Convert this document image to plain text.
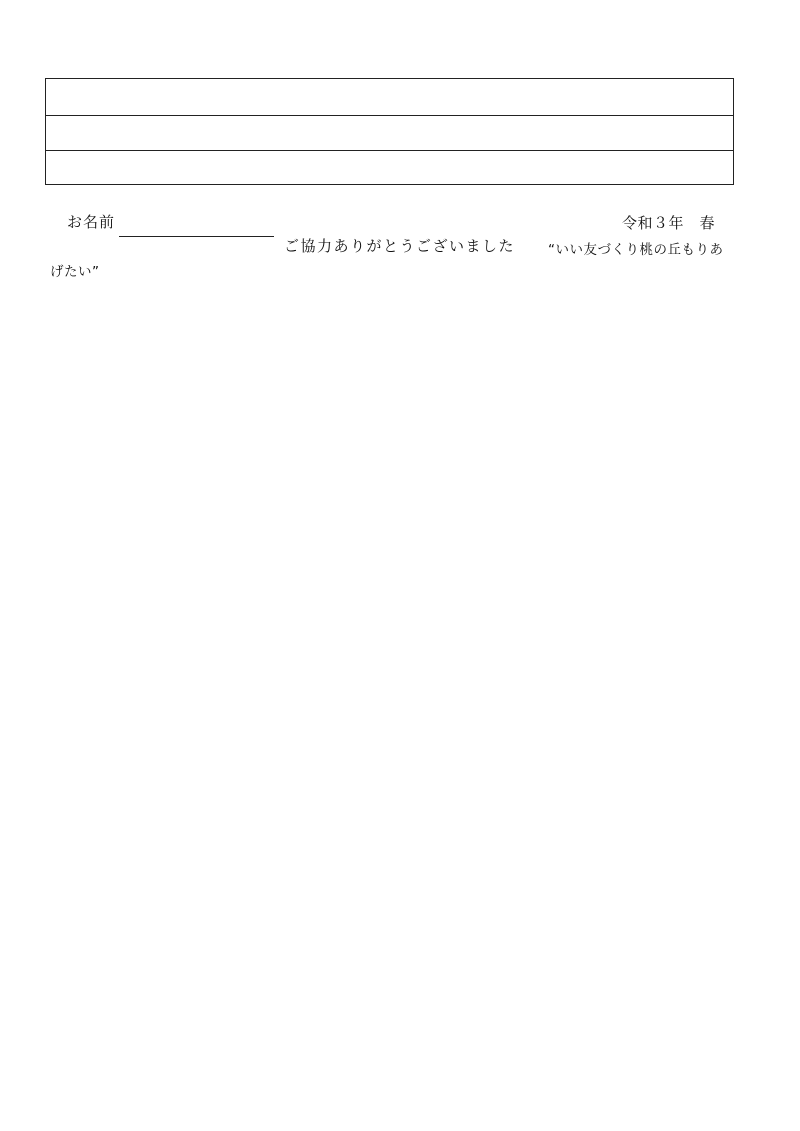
お名前
ご協力ありがとうございました
令和３年　春
“いい友づくり桃の丘もりあ
げたい”
